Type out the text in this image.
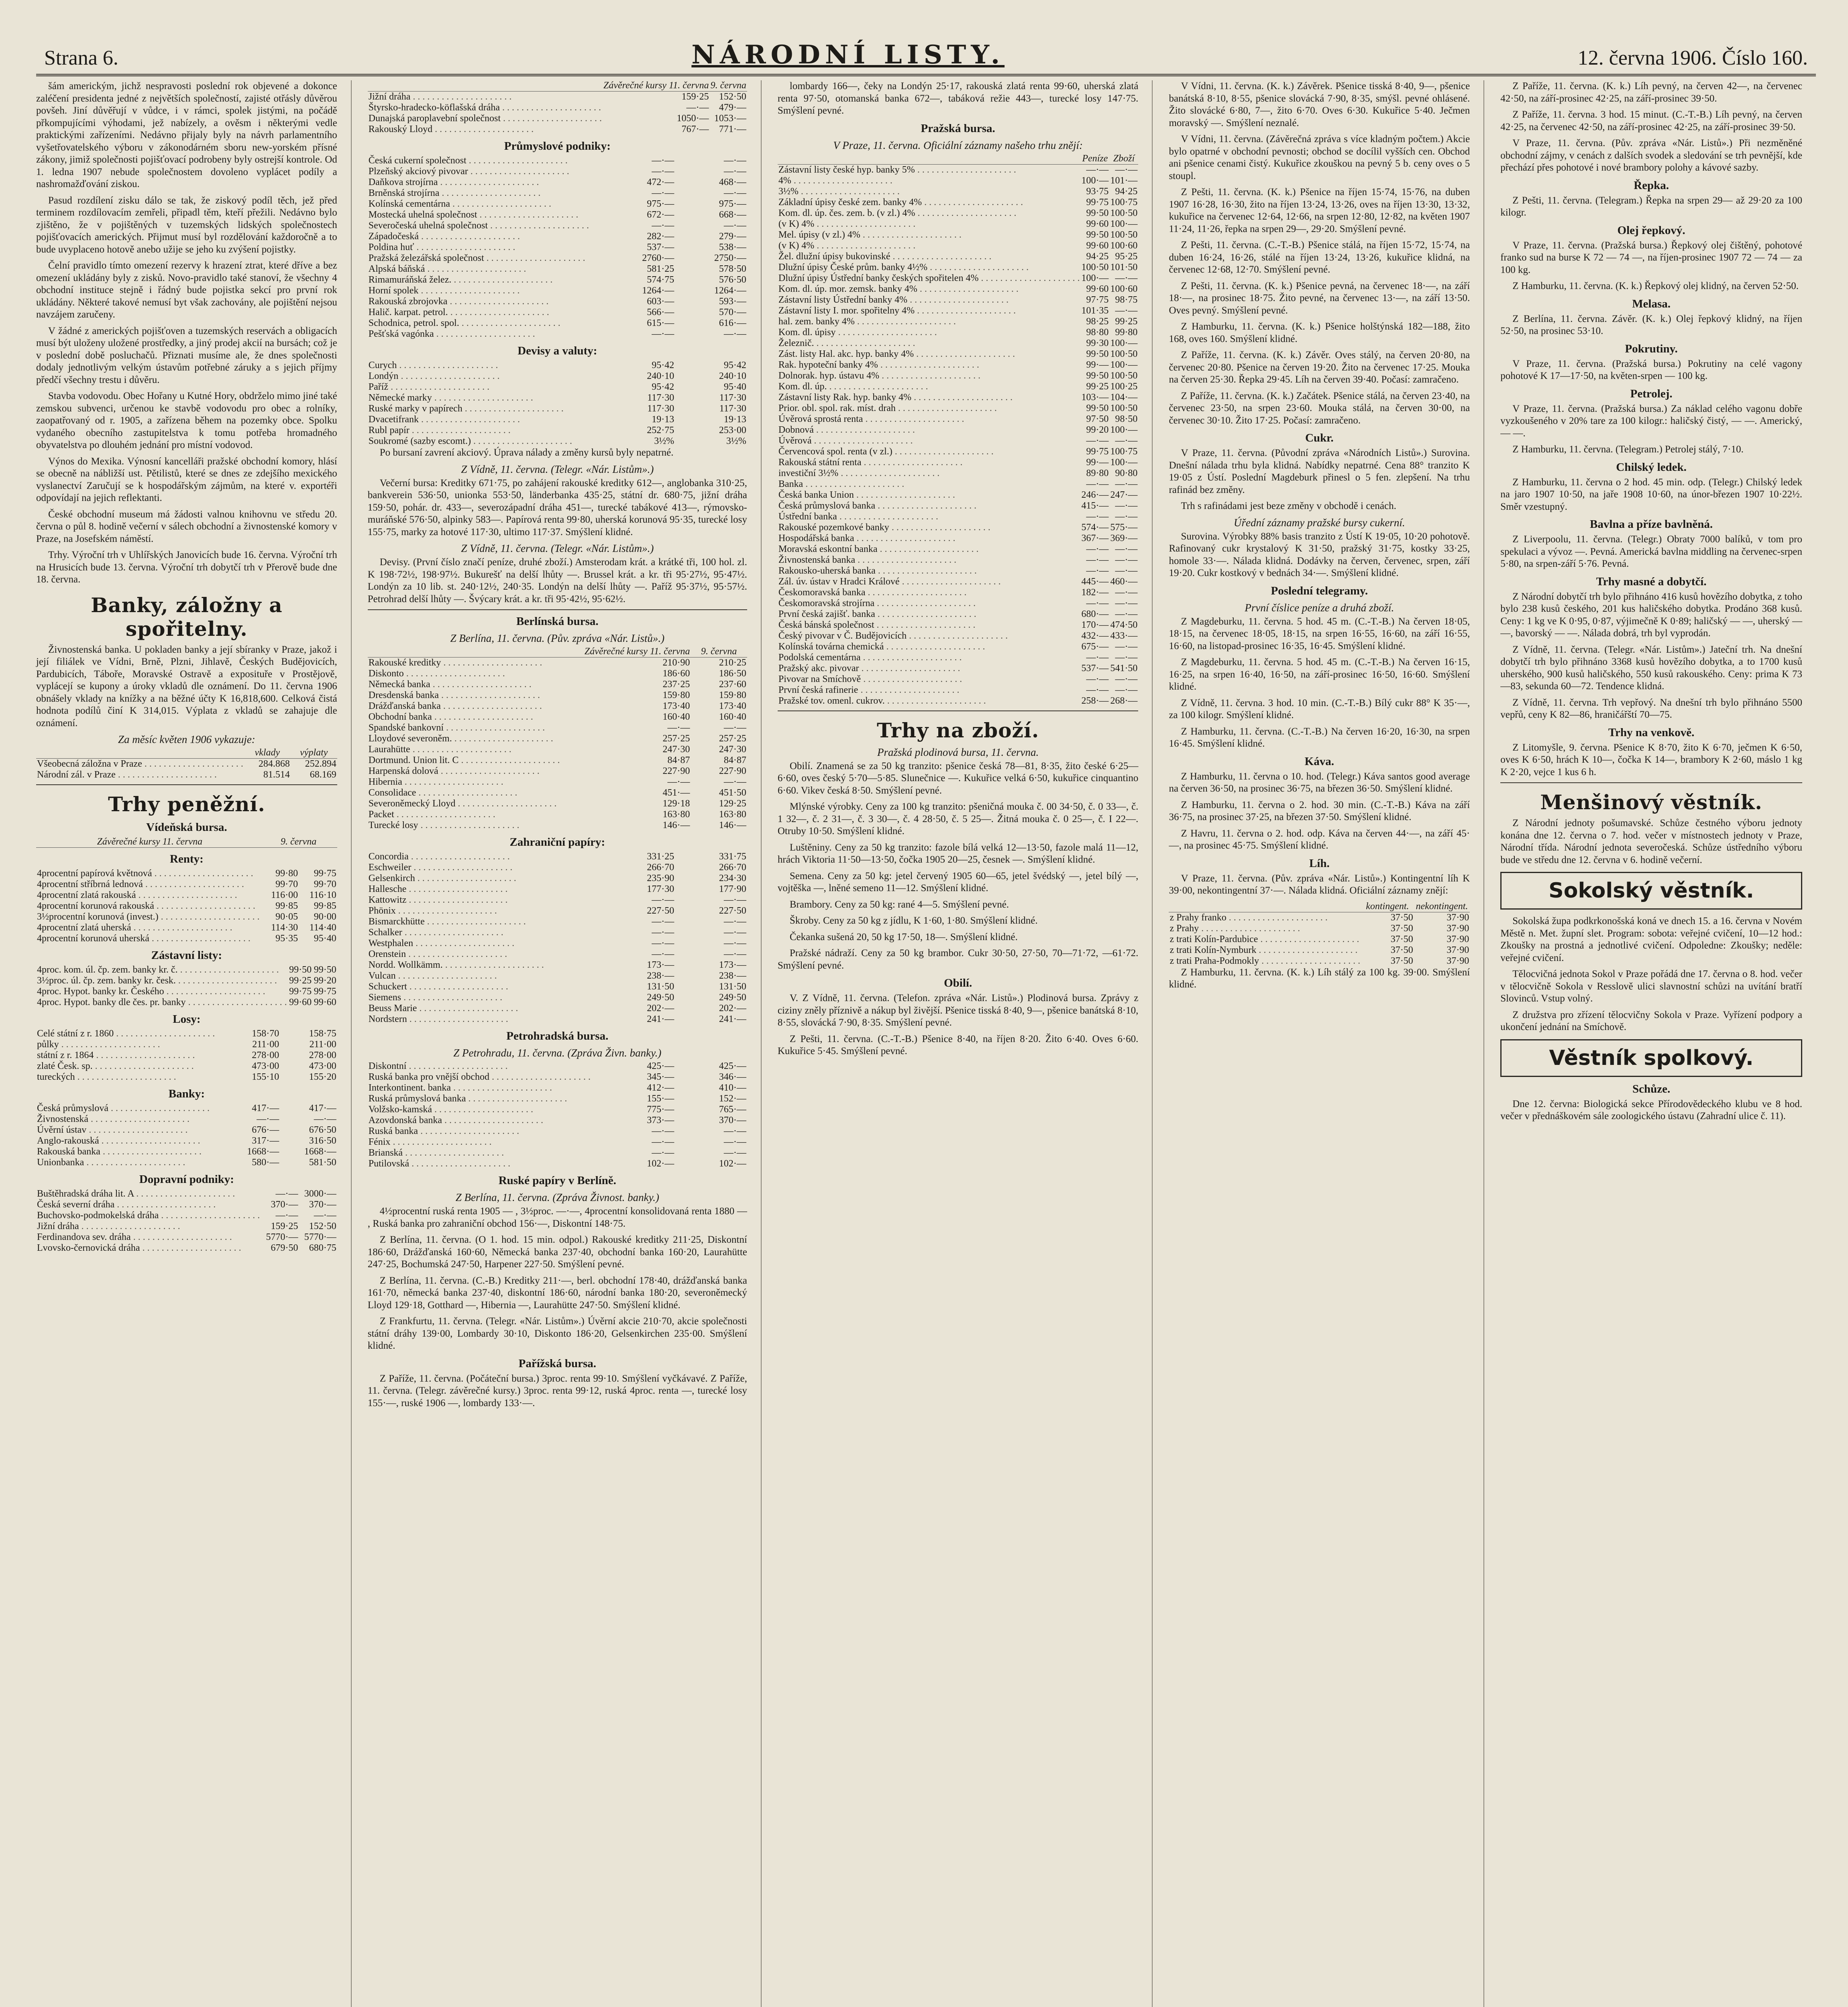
Strana 6.	NÁRODNÍ LISTY.	12. června 1906. Číslo 160.

šám americkým, jichž nespravosti poslední rok objevené a dokonce zaléčení presidenta jedné z největších společností, zajisté otřásly důvěrou povšeh. Jiní důvěřují v vůdce, i v rámci, spolek jistými, na počádě přkompujícími výhodami, jež nabízely, a ověsm i některými vedle praktickými zařízeními. Nedávno přijaly byly na návrh parlamentního vyšetřovatelského výboru v zákonodárném sboru new-yorském přísné zákony, jimiž společnosti pojišťovací podrobeny byly ostrejší kontrole. Od 1. ledna 1907 nebude společnostem dovoleno vyplácet podíly a nashromažďování ziskou.

Pasud rozdílení zisku dálo se tak, že ziskový podíl těch, jež před terminem rozdílovacím zemřeli, připadl těm, kteří přežili. Nedávno bylo zjištěno, že v pojištěných v tuzemských lidských společnostech pojišťovacích amerických. Přijmut musí byl rozdělování každoročně a to bude uvyplaceno hotově anebo užije se jeho ku zvýšení pojistky.

Čelní pravidlo tímto omezení rezervy k hrazení ztrat, které dříve a bez omezení ukládány byly z zisků. Novo-pravidlo také stanoví, že všechny 4 obchodní instituce stejně i řádný bude pojistka sekcí pro první rok ukládány. Některé takové nemusí byt však zachovány, ale pojištění nejsou navzájem zaručeny.

V žádné z amerických pojišťoven a tuzemských reservách a obligacích musí být uloženy uložené prostředky, a jiný prodej akcií na bursách; což je v poslední době posluchačů. Přiznati musíme ale, že dnes společnosti dodaly jednotlivým velkým ústavům potřebné záruky a s jejich příjmy předčí všechny trestu i důvěru.

Stavba vodovodu. Obec Hořany u Kutné Hory, obdrželo mimo jiné také zemskou subvenci, určenou ke stavbě vodovodu pro obec a rolníky, zaopatřovaný od r. 1905, a zařízena během na pozemky obce. Spolku vydaného obecního zastupitelstva k tomu potřeba hromadného obyvatelstva po dlouhém jednání pro místní vodovod.

Výnos do Mexika. Výnosní kancelláři pražské obchodní komory, hlásí se obecně na nábližší ust. Pětilistů, které se dnes ze zdejšího mexického vyslanectví Zaručují se k hospodářským zájmům, na které v. exportéři odpovídají na jejich reflektanti.

České obchodní museum má žádosti valnou knihovnu ve středu 20. června o půl 8. hodině večerní v sálech obchodní a živnostenské komory v Praze, na Josefském náměstí.

Trhy. Výroční trh v Uhlířských Janovicích bude 16. června. Výroční trh na Hrusicích bude 13. června. Výroční trh dobytčí trh v Přerově bude dne 18. června.

Banky, záložny a spořitelny.

Živnostenská banka. U pokladen banky a její sbíranky v Praze, jakož i její filiálek ve Vídni, Brně, Plzni, Jihlavě, Českých Budějovicích, Pardubicích, Táboře, Moravské Ostravě a exposituře v Prostějově, vyplácejí se kupony a úroky vkladů dle oznámení. Do 11. června 1906 obnášely vklady na knížky a na běžné účty K 16,818,600. Celková čistá hodnota podílů činí K 314,015. Výplata z vkladů se zahajuje dle oznámení.

Za měsíc květen 1906 vykazuje:
	vklady	výplaty
Všeobecná záložna v Praze . . .	284.868	252.894
Národní zál. v Praze . . .	81.514	68.169
Trhy peněžní.
Vídeňská bursa.
	Závěrečné kursy 11. června	9. června
Renty:
4procentní papírová květnová . . .	99·80	99·75
4procentní stříbrná lednová . . .	99·70	99·70
4procentní zlatá rakouská . . .	116·00	116·10
4procentní korunová rakouská . . .	99·85	99·85
3½procentní korunová (invest.) . . .	90·05	90·00
4procentní zlatá uherská . . .	114·30	114·40
4procentní korunová uherská . . .	95·35	95·40
Zástavní listy:
4proc. kom. úl. čp. zem. banky kr. č. . . .	99·50	99·50
3½proc. úl. čp. zem. banky kr. česk. . . .	99·25	99·20
4proc. Hypot. banky kr. Českého . . .	99·75	99·75
4proc. Hypot. banky dle čes. pr. banky . . .	99·60	99·60
Losy:
Celé státní z r. 1860 . . .	158·70	158·75
půlky . . .	211·00	211·00
státní z r. 1864 . . .	278·00	278·00
zlaté Česk. sp. . . .	473·00	473·00
tureckých . . .	155·10	155·20
Banky:
Česká průmyslová . . .	417·—	417·—
Živnostenská . . .	—·—	—·—
Úvěrní ústav . . .	676·—	676·50
Anglo-rakouská . . .	317·—	316·50
Rakouská banka . . .	1668·—	1668·—
Unionbanka . . .	580·—	581·50
Dopravní podniky:
Buštěhradská dráha lit. A . . .	—·—	3000·—
Česká severní dráha . . .	370·—	370·—
Buchovsko-podmokelská dráha . . .	—·—	—·—
Jižní dráha . . .	159·25	152·50
Ferdinandova sev. dráha . . .	5770·—	5770·—
Lvovsko-černovická dráha . . .	679·50	680·75
	Závěrečné kursy 11. června	9. června
Jižní dráha . . .	159·25	152·50
Štyrsko-hradecko-köflašská dráha . . .	—·—	479·—
Dunajská paroplavební společnost . . .	1050·—	1053·—
Rakouský Lloyd . . .	767·—	771·—
Průmyslové podniky:
Česká cukerní společnost . . .	—·—	—·—
Plzeňský akciový pivovar . . .	—·—	—·—
Daňkova strojírna . . .	472·—	468·—
Brněnská strojírna . . .	—·—	—·—
Kolínská cementárna . . .	975·—	975·—
Mostecká uhelná společnost . . .	672·—	668·—
Severočeská uhelná společnost . . .	—·—	—·—
Západočeská . . .	282·—	279·—
Poldina huť . . .	537·—	538·—
Pražská železářská společnost . . .	2760·—	2750·—
Alpská báňská . . .	581·25	578·50
Rimamuráňská želez. . . .	574·75	576·50
Horní spolek . . .	1264·—	1264·—
Rakouská zbrojovka . . .	603·—	593·—
Halič. karpat. petrol. . . .	566·—	570·—
Schodnica, petrol. spol. . . .	615·—	616·—
Pešťská vagónka . . .	—·—	—·—
Devisy a valuty:
Curych . . .	95·42	95·42
Londýn . . .	240·10	240·10
Paříž . . .	95·42	95·40
Německé marky . . .	117·30	117·30
Ruské marky v papírech . . .	117·30	117·30
Dvacetifrank . . .	19·13	19·13
Rubl papír . . .	252·75	253·00
Soukromé (sazby escomt.) . . .	3½%	3½%

Po bursaní zavrení akciový. Úprava nálady a změny kursů byly nepatrné.

Z Vídně, 11. června. (Telegr. «Nár. Listům».)

Večerní bursa: Kreditky 671·75, po zahájení rakouské kreditky 612—, anglobanka 310·25, bankverein 536·50, unionka 553·50, länderbanka 435·25, státní dr. 680·75, jižní dráha 159·50, pohár. dr. 433—, severozápadní dráha 451—, turecké tabákové 413—, rýmovsko-muráňské 576·50, alpinky 583—. Papírová renta 99·80, uherská korunová 95·35, turecké losy 155·75, marky za hotové 117·30, ultimo 117·37. Smýšlení klidné.

Z Vídně, 11. června. (Telegr. «Nár. Listům».)

Devisy. (První číslo značí peníze, druhé zboží.) Amsterodam krát. a krátké tři, 100 hol. zl. K 198·72½, 198·97½. Bukurešť na delší lhůty —. Brussel krát. a kr. tři 95·27½, 95·47½. Londýn za 10 lib. st. 240·12½, 240·35. Londýn na delší lhůty —. Paříž 95·37½, 95·57½. Petrohrad delší lhůty —. Švýcary krát. a kr. tři 95·42½, 95·62½.

Berlínská bursa.
Z Berlína, 11. června. (Pův. zpráva «Nár. Listů».)
	Závěrečné kursy 11. června	9. června
Rakouské kreditky . . .	210·90	210·25
Diskonto . . .	186·60	186·50
Německá banka . . .	237·25	237·60
Dresdenská banka . . .	159·80	159·80
Drážďanská banka . . .	173·40	173·40
Obchodní banka . . .	160·40	160·40
Spandské bankovní . . .	—·—	—·—
Lloydové severoněm. . . .	257·25	257·25
Laurahütte . . .	247·30	247·30
Dortmund. Union lit. C . . .	84·87	84·87
Harpenská dolová . . .	227·90	227·90
Hibernia . . .	—·—	—·—
Consolidace . . .	451·—	451·50
Severoněmecký Lloyd . . .	129·18	129·25
Packet . . .	163·80	163·80
Turecké losy . . .	146·—	146·—
Zahraniční papíry:
Concordia . . .	331·25	331·75
Eschweiler . . .	266·70	266·70
Gelsenkirch . . .	235·90	234·30
Hallesche . . .	177·30	177·90
Kattowitz . . .	—·—	—·—
Phönix . . .	227·50	227·50
Bismarckhütte . . .	—·—	—·—
Schalker . . .	—·—	—·—
Westphalen . . .	—·—	—·—
Orenstein . . .	—·—	—·—
Nordd. Wollkämm. . . .	173·—	173·—
Vulcan . . .	238·—	238·—
Schuckert . . .	131·50	131·50
Siemens . . .	249·50	249·50
Beuss Marie . . .	202·—	202·—
Nordstern . . .	241·—	241·—
Petrohradská bursa.
Z Petrohradu, 11. června. (Zpráva Živn. banky.)
Diskontní . . .	425·—	425·—
Ruská banka pro vnější obchod . . .	345·—	346·—
Interkontinent. banka . . .	412·—	410·—
Ruská průmyslová banka . . .	155·—	152·—
Volžsko-kamská . . .	775·—	765·—
Azovdonská banka . . .	373·—	370·—
Ruská banka . . .	—·—	—·—
Fénix . . .	—·—	—·—
Brianská . . .	—·—	—·—
Putilovská . . .	102·—	102·—
Ruské papíry v Berlíně.
Z Berlína, 11. června. (Zpráva Živnost. banky.)

4½procentní ruská renta 1905 — , 3½proc. —·—, 4procentní konsolidovaná renta 1880 — , Ruská banka pro zahraniční obchod 156·—, Diskontní 148·75.

Z Berlína, 11. června. (O 1. hod. 15 min. odpol.) Rakouské kreditky 211·25, Diskontní 186·60, Drážďanská 160·60, Německá banka 237·40, obchodní banka 160·20, Laurahütte 247·25, Bochumská 247·50, Harpener 227·50. Smýšlení pevné.

Z Berlína, 11. června. (C.-B.) Kreditky 211·—, berl. obchodní 178·40, drážďanská banka 161·70, německá banka 237·40, diskontní 186·60, národní banka 180·20, severoněmecký Lloyd 129·18, Gotthard —, Hibernia —, Laurahütte 247·50. Smýšlení klidné.

Z Frankfurtu, 11. června. (Telegr. «Nár. Listům».) Úvěrní akcie 210·70, akcie společnosti státní dráhy 139·00, Lombardy 30·10, Diskonto 186·20, Gelsenkirchen 235·00. Smýšlení klidné.

Pařížská bursa.

Z Paříže, 11. června. (Počáteční bursa.) 3proc. renta 99·10. Smýšlení vyčkávavé. Z Paříže, 11. června. (Telegr. závěrečné kursy.) 3proc. renta 99·12, ruská 4proc. renta —, turecké losy 155·—, ruské 1906 —, lombardy 133·—.

lombardy 166—, čeky na Londýn 25·17, rakouská zlatá renta 99·60, uherská zlatá renta 97·50, otomanská banka 672—, tabáková režie 443—, turecké losy 147·75. Smýšlení pevné.

Pražská bursa.
V Praze, 11. června. Oficiální záznamy našeho trhu znějí:
	Peníze	Zboží
Zástavní listy české hyp. banky 5% . . .	—·—	—·—
4% . . .	100·—	101·—
3½% . . .	93·75	94·25
Základní úpisy české zem. banky 4% . . .	99·75	100·75
Kom. dl. úp. čes. zem. b. (v zl.) 4% . . .	99·50	100·50
(v K) 4% . . .	99·60	100·—
Mel. úpisy (v zl.) 4% . . .	99·50	100·50
(v K) 4% . . .	99·60	100·60
Žel. dlužní úpisy bukovinské . . .	94·25	95·25
Dlužní úpisy České prům. banky 4½% . . .	100·50	101·50
Dlužní úpisy Ústřední banky českých spořitelen 4% . . .	100·—	—·—
Kom. dl. úp. mor. zemsk. banky 4% . . .	99·60	100·60
Zástavní listy Ústřední banky 4% . . .	97·75	98·75
Zástavní listy I. mor. spořitelny 4% . . .	101·35	—·—
hal. zem. banky 4% . . .	98·25	99·25
Kom. dl. úpisy . . .	98·80	99·80
Železnič. . . .	99·30	100·—
Zást. listy Hal. akc. hyp. banky 4% . . .	99·50	100·50
Rak. hypoteční banky 4% . . .	99·—	100·—
Dolnorak. hyp. ústavu 4% . . .	99·50	100·50
Kom. dl. úp. . . .	99·25	100·25
Zástavní listy Rak. hyp. banky 4% . . .	103·—	104·—
Prior. obl. spol. rak. míst. drah . . .	99·50	100·50
Úvěrová sprostá renta . . .	97·50	98·50
Dobnová . . .	99·20	100·—
Úvěrová . . .	—·—	—·—
Červencová spol. renta (v zl.) . . .	99·75	100·75
Rakouská státní renta . . .	99·—	100·—
investiční 3½% . . .	89·80	90·80
Banka . . .	—·—	—·—
Česká banka Union . . .	246·—	247·—
Česká průmyslová banka . . .	415·—	—·—
Ústřední banka . . .	—·—	—·—
Rakouské pozemkové banky . . .	574·—	575·—
Hospodářská banka . . .	367·—	369·—
Moravská eskontní banka . . .	—·—	—·—
Živnostenská banka . . .	—·—	—·—
Rakousko-uherská banka . . .	—·—	—·—
Zál. úv. ústav v Hradci Králové . . .	445·—	460·—
Českomoravská banka . . .	182·—	—·—
Českomoravská strojírna . . .	—·—	—·—
První česká zajišť. banka . . .	680·—	—·—
Česká bánská společnost . . .	170·—	474·50
Český pivovar v Č. Budějovicích . . .	432·—	433·—
Kolínská továrna chemická . . .	675·—	—·—
Podolská cementárna . . .	—·—	—·—
Pražský akc. pivovar . . .	537·—	541·50
Pivovar na Smíchově . . .	—·—	—·—
První česká rafinerie . . .	—·—	—·—
Pražské tov. omenl. cukrov. . . .	258·—	268·—
Trhy na zboží.
Pražská plodinová bursa, 11. června.

Obilí. Znamená se za 50 kg tranzito: pšenice česká 78—81, 8·35, žito české 6·25—6·60, oves český 5·70—5·85. Slunečnice —. Kukuřice velká 6·50, kukuřice cinquantino 6·60. Vikev česká 8·50. Smýšlení pevné.

Mlýnské výrobky. Ceny za 100 kg tranzito: pšeničná mouka č. 00 34·50, č. 0 33—, č. 1 32—, č. 2 31—, č. 3 30—, č. 4 28·50, č. 5 25—. Žitná mouka č. 0 25—, č. I 22—. Otruby 10·50. Smýšlení klidné.

Luštěniny. Ceny za 50 kg tranzito: fazole bílá velká 12—13·50, fazole malá 11—12, hrách Viktoria 11·50—13·50, čočka 1905 20—25, česnek —. Smýšlení klidné.

Semena. Ceny za 50 kg: jetel červený 1905 60—65, jetel švédský —, jetel bílý —, vojtěška —, lněné semeno 11—12. Smýšlení klidné.

Brambory. Ceny za 50 kg: rané 4—5. Smýšlení pevné.

Škroby. Ceny za 50 kg z jídlu, K 1·60, 1·80. Smýšlení klidné.

Čekanka sušená 20, 50 kg 17·50, 18—. Smýšlení klidné.

Pražské nádraží. Ceny za 50 kg brambor. Cukr 30·50, 27·50, 70—71·72, —61·72. Smýšlení pevné.

Obilí.

V. Z Vídně, 11. června. (Telefon. zpráva «Nár. Listů».) Plodinová bursa. Zprávy z ciziny zněly příznivě a nákup byl živější. Pšenice tisská 8·40, 9—, pšenice banátská 8·10, 8·55, slovácká 7·90, 8·35. Smýšlení pevné.

Z Pešti, 11. června. (C.-T.-B.) Pšenice 8·40, na říjen 8·20. Žito 6·40. Oves 6·60. Kukuřice 5·45. Smýšlení pevné.

V Vídni, 11. června. (K. k.) Závěrek. Pšenice tisská 8·40, 9—, pšenice banátská 8·10, 8·55, pšenice slovácká 7·90, 8·35, smýšl. pevné ohlásené. Žito slovácké 6·80, 7—, žito 6·70. Oves 6·30. Kukuřice 5·40. Ječmen moravský —. Smýšlení neznalé.

V Vídni, 11. června. (Závěrečná zpráva s více kladným počtem.) Akcie bylo opatrné v obchodní pevnosti; obchod se docílil vyšších cen. Obchod ani pšenice cenami čistý. Kukuřice zkouškou na pevný 5 b. ceny oves o 5 stoupl.

Z Pešti, 11. června. (K. k.) Pšenice na říjen 15·74, 15·76, na duben 1907 16·28, 16·30, žito na říjen 13·24, 13·26, oves na říjen 13·30, 13·32, kukuřice na červenec 12·64, 12·66, na srpen 12·80, 12·82, na květen 1907 11·24, 11·26, řepka na srpen 29—, 29·20. Smýšlení pevné.

Z Pešti, 11. června. (C.-T.-B.) Pšenice stálá, na říjen 15·72, 15·74, na duben 16·24, 16·26, stálé na říjen 13·24, 13·26, kukuřice klidná, na červenec 12·68, 12·70. Smýšlení pevné.

Z Pešti, 11. června. (K. k.) Pšenice pevná, na červenec 18·—, na září 18·—, na prosinec 18·75. Žito pevné, na červenec 13·—, na září 13·50. Oves pevný. Smýšlení pevné.

Z Hamburku, 11. června. (K. k.) Pšenice holštýnská 182—188, žito 168, oves 160. Smýšlení klidné.

Z Paříže, 11. června. (K. k.) Závěr. Oves stálý, na červen 20·80, na červenec 20·80. Pšenice na červen 19·20. Žito na červenec 17·25. Mouka na červen 25·30. Řepka 29·45. Líh na červen 39·40. Počasí: zamračeno.

Z Paříže, 11. června. (K. k.) Začátek. Pšenice stálá, na červen 23·40, na červenec 23·50, na srpen 23·60. Mouka stálá, na červen 30·00, na červenec 30·10. Žito 17·25. Počasí: zamračeno.

Cukr.

V Praze, 11. června. (Původní zpráva «Národních Listů».) Surovina. Dnešní nálada trhu byla klidná. Nabídky nepatrné. Cena 88° tranzito K 19·05 z Ústí. Poslední Magdeburk přinesl o 5 fen. zlepšení. Na trhu rafinád bez změny.

Trh s rafinádami jest beze změny v obchodě i cenách.

Úřední záznamy pražské bursy cukerní.

Surovina. Výrobky 88% basis tranzito z Ústí K 19·05, 10·20 pohotově. Rafinovaný cukr krystalový K 31·50, pražský 31·75, kostky 33·25, homole 33·—. Nálada klidná. Dodávky na červen, červenec, srpen, září 19·20. Cukr kostkový v bednách 34·—. Smýšlení klidné.

Poslední telegramy.
První číslice peníze a druhá zboží.

Z Magdeburku, 11. června. 5 hod. 45 m. (C.-T.-B.) Na červen 18·05, 18·15, na červenec 18·05, 18·15, na srpen 16·55, 16·60, na září 16·55, 16·60, na listopad-prosinec 16·35, 16·45. Smýšlení klidné.

Z Magdeburku, 11. června. 5 hod. 45 m. (C.-T.-B.) Na červen 16·15, 16·25, na srpen 16·40, 16·50, na září-prosinec 16·50, 16·60. Smýšlení klidné.

Z Vídně, 11. června. 3 hod. 10 min. (C.-T.-B.) Bílý cukr 88° K 35·—, za 100 kilogr. Smýšlení klidné.

Z Hamburku, 11. června. (C.-T.-B.) Na červen 16·20, 16·30, na srpen 16·45. Smýšlení klidné.

Káva.

Z Hamburku, 11. června o 10. hod. (Telegr.) Káva santos good average na červen 36·50, na prosinec 36·75, na březen 36·50. Smýšlení klidné.

Z Hamburku, 11. června o 2. hod. 30 min. (C.-T.-B.) Káva na září 36·75, na prosinec 37·25, na březen 37·50. Smýšlení klidné.

Z Havru, 11. června o 2. hod. odp. Káva na červen 44·—, na září 45·—, na prosinec 45·75. Smýšlení klidné.

Líh.

V Praze, 11. června. (Pův. zpráva «Nár. Listů».) Kontingentní líh K 39·00, nekontingentní 37·—. Nálada klidná. Oficiální záznamy znějí:

	kontingent.	nekontingent.
z Prahy franko . . .	37·50	37·90
z Prahy . . .	37·50	37·90
z trati Kolín-Pardubice . . .	37·50	37·90
z trati Kolín-Nymburk . . .	37·50	37·90
z trati Praha-Podmokly . . .	37·50	37·90

Z Hamburku, 11. června. (K. k.) Líh stálý za 100 kg. 39·00. Smýšlení klidné.

Z Paříže, 11. června. (K. k.) Líh pevný, na červen 42—, na červenec 42·50, na září-prosinec 42·25, na září-prosinec 39·50.

Z Paříže, 11. června. 3 hod. 15 minut. (C.-T.-B.) Líh pevný, na červen 42·25, na červenec 42·50, na září-prosinec 42·25, na září-prosinec 39·50.

V Praze, 11. června. (Pův. zpráva «Nár. Listů».) Při nezměněné obchodní zájmy, v cenách z dalších svodek a sledování se trh pevnější, kde přechází přes pohotové i nové brambory polohy a kávové sazby.

Řepka.

Z Pešti, 11. června. (Telegram.) Řepka na srpen 29— až 29·20 za 100 kilogr.

Olej řepkový.

V Praze, 11. června. (Pražská bursa.) Řepkový olej čištěný, pohotové franko sud na burse K 72 — 74 —, na říjen-prosinec 1907 72 — 74 — za 100 kg.

Z Hamburku, 11. června. (K. k.) Řepkový olej klidný, na červen 52·50.

Melasa.

Z Berlína, 11. června. Závěr. (K. k.) Olej řepkový klidný, na říjen 52·50, na prosinec 53·10.

Pokrutiny.

V Praze, 11. června. (Pražská bursa.) Pokrutiny na celé vagony pohotové K 17—17·50, na květen-srpen — 100 kg.

Petrolej.

V Praze, 11. června. (Pražská bursa.) Za náklad celého vagonu dobře vyzkoušeného v 20% tare za 100 kilogr.: haličský čistý, — —. Americký, — —.

Z Hamburku, 11. června. (Telegram.) Petrolej stálý, 7·10.

Chilský ledek.

Z Hamburku, 11. června o 2 hod. 45 min. odp. (Telegr.) Chilský ledek na jaro 1907 10·50, na jaře 1908 10·60, na únor-březen 1907 10·22½. Směr vzestupný.

Bavlna a příze bavlněná.

Z Liverpoolu, 11. června. (Telegr.) Obraty 7000 balíků, v tom pro spekulaci a vývoz —. Pevná. Americká bavlna middling na červenec-srpen 5·80, na srpen-září 5·76. Pevná.

Trhy masné a dobytčí.

Z Národní dobytčí trh bylo přihnáno 416 kusů hovězího dobytka, z toho bylo 238 kusů českého, 201 kus haličského dobytka. Prodáno 368 kusů. Ceny: 1 kg ve K 0·95, 0·87, výjimečně K 0·89; haličský — —, uherský — —, bavorský — —. Nálada dobrá, trh byl vyprodán.

Z Vídně, 11. června. (Telegr. «Nár. Listům».) Jateční trh. Na dnešní dobytčí trh bylo přihnáno 3368 kusů hovězího dobytka, a to 1700 kusů uherského, 900 kusů haličského, 550 kusů rakouského. Ceny: prima K 73—83, sekunda 60—72. Tendence klidná.

Z Vídně, 11. června. Trh vepřový. Na dnešní trh bylo přihnáno 5500 vepřů, ceny K 82—86, hraničářští 70—75.

Trhy na venkově.

Z Litomyšle, 9. června. Pšenice K 8·70, žito K 6·70, ječmen K 6·50, oves K 6·50, hrách K 10—, čočka K 14—, brambory K 2·60, máslo 1 kg K 2·20, vejce 1 kus 6 h.

Menšinový věstník.

Z Národní jednoty pošumavské. Schůze čestného výboru jednoty konána dne 12. června o 7. hod. večer v místnostech jednoty v Praze, Národní třída. Národní jednota severočeská. Schůze ústředního výboru bude ve středu dne 12. června v 6. hodině večerní.

Sokolský věstník.

Sokolská župa podkrkonošská koná ve dnech 15. a 16. června v Novém Městě n. Met. župní slet. Program: sobota: veřejné cvičení, 10—12 hod.: Zkoušky na prostná a jednotlivé cvičení. Odpoledne: Zkoušky; neděle: veřejné cvičení.

Tělocvičná jednota Sokol v Praze pořádá dne 17. června o 8. hod. večer v tělocvičně Sokola v Resslově ulici slavnostní schůzi na uvítání bratří Slovinců. Vstup volný.

Z družstva pro zřízení tělocvičny Sokola v Praze. Vyřízení podpory a ukončení jednání na Smíchově.

Věstník spolkový.
Schůze.

Dne 12. června: Biologická sekce Přírodovědeckého klubu ve 8 hod. večer v přednáškovém sále zoologického ústavu (Zahradní ulice č. 11).
